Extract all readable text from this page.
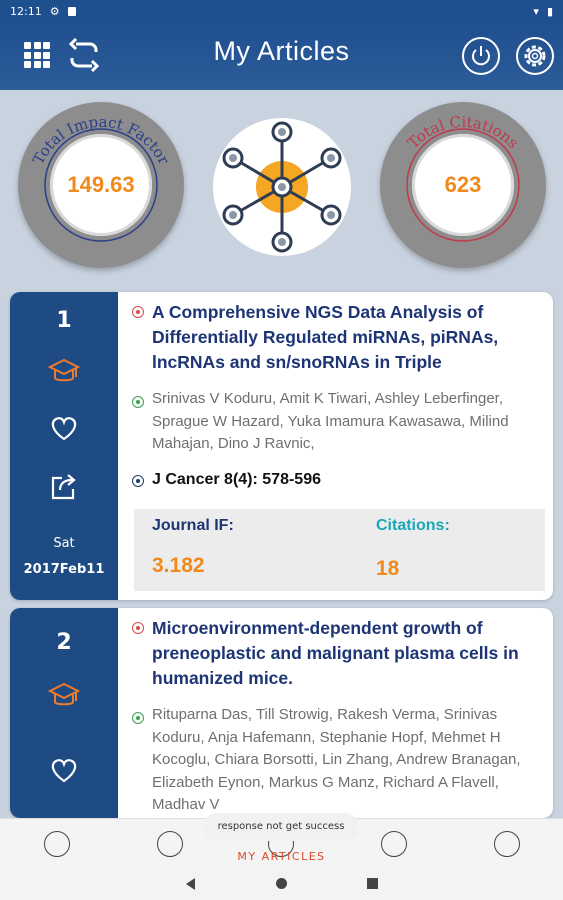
12:11 ⚙	▾ ▮
My Articles
Total Impact Factor
149.63
Total Citations
623
1
Sat
2017Feb11
A Comprehensive NGS Data Analysis of Differentially Regulated miRNAs, piRNAs, lncRNAs and sn/snoRNAs in Triple
Srinivas V Koduru, Amit K Tiwari, Ashley Leberfinger, Sprague W Hazard, Yuka Imamura Kawasawa, Milind Mahajan, Dino J Ravnic,
J Cancer 8(4): 578-596
Journal IF:	Citations:
3.182	18
2
Microenvironment-dependent growth of preneoplastic and malignant plasma cells in humanized mice.
Rituparna Das, Till Strowig, Rakesh Verma, Srinivas Koduru, Anja Hafemann, Stephanie Hopf, Mehmet H Kocoglu, Chiara Borsotti, Lin Zhang, Andrew Branagan, Elizabeth Eynon, Markus G Manz, Richard A Flavell, Madhav V
MY ARTICLES
response not get success
